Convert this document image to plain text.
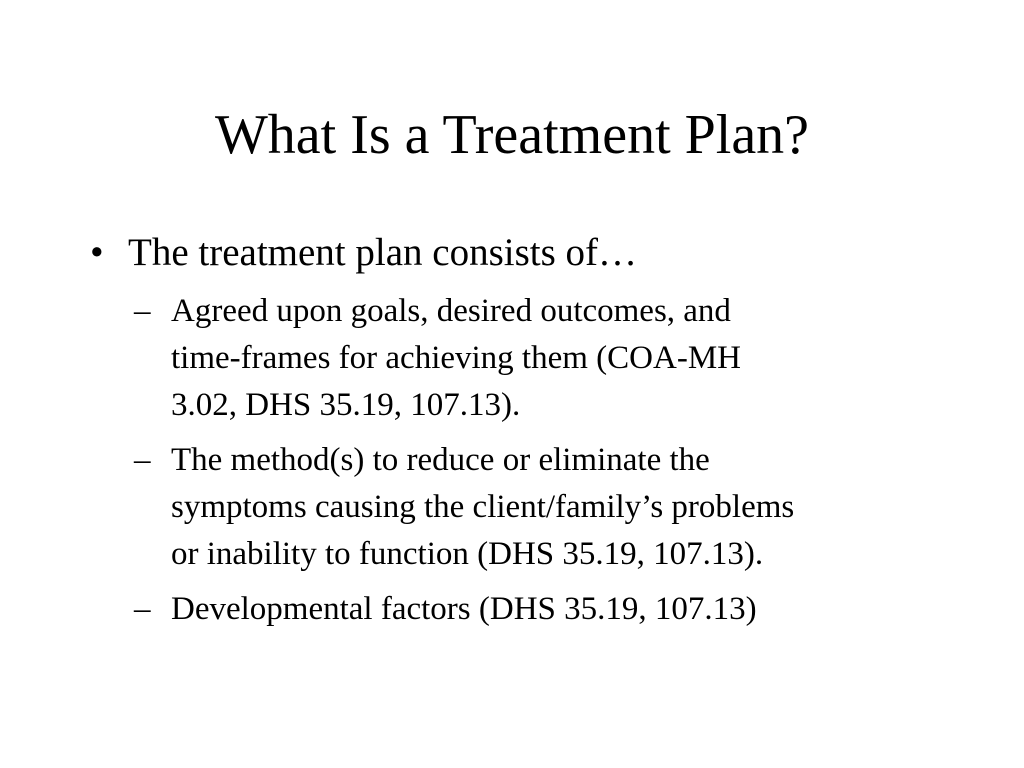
What Is a Treatment Plan?
• The treatment plan consists of…
– Agreed upon goals, desired outcomes, and
time-frames for achieving them (COA-MH
3.02, DHS 35.19, 107.13).
– The method(s) to reduce or eliminate the
symptoms causing the client/family’s problems
or inability to function (DHS 35.19, 107.13).
– Developmental factors (DHS 35.19, 107.13)
